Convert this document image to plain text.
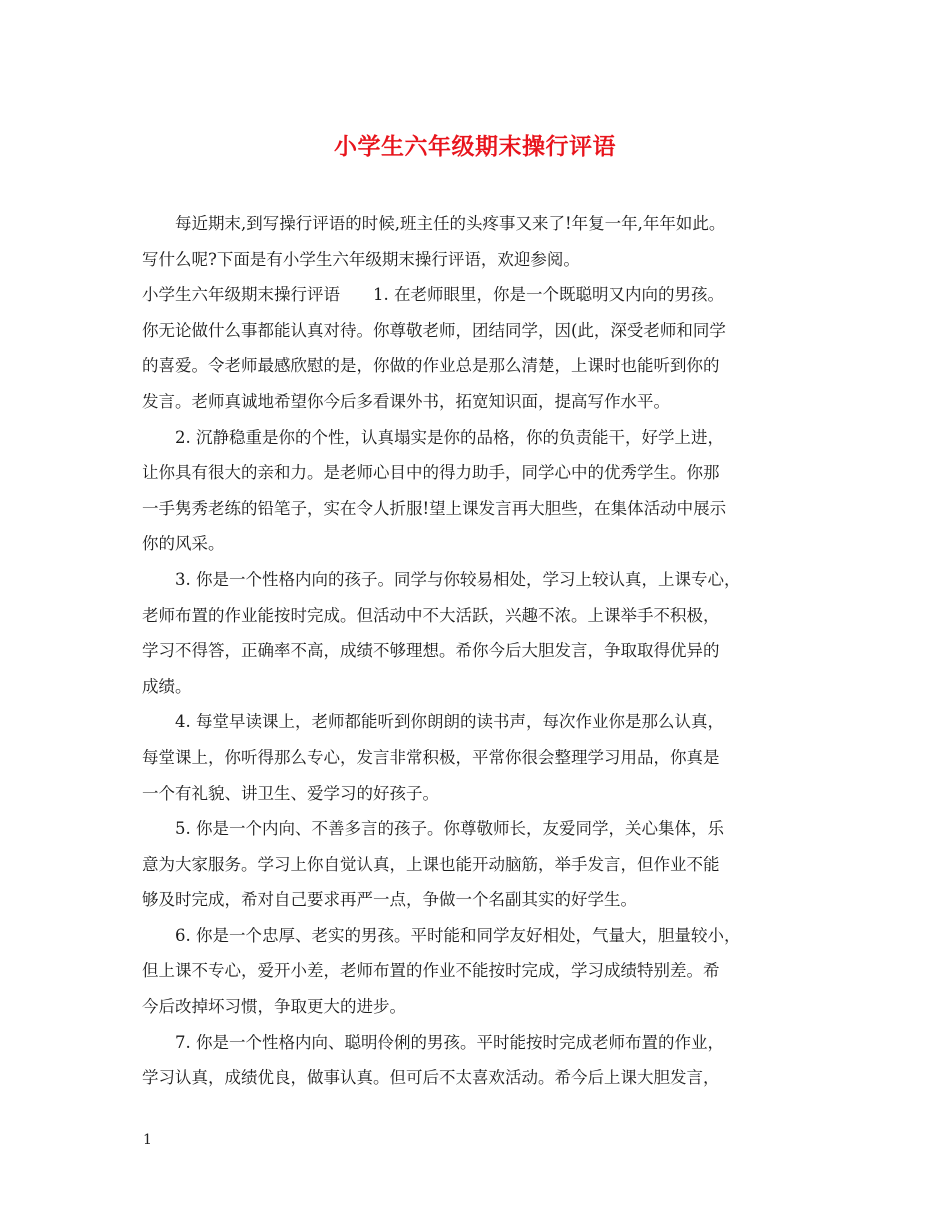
小学生六年级期末操行评语
每近期末,到写操行评语的时候,班主任的头疼事又来了!年复一年,年年如此。
写什么呢?下面是有小学生六年级期末操行评语，欢迎参阅。
小学生六年级期末操行评语　　1. 在老师眼里，你是一个既聪明又内向的男孩。
你无论做什么事都能认真对待。你尊敬老师，团结同学，因(此，深受老师和同学
的喜爱。令老师最感欣慰的是，你做的作业总是那么清楚，上课时也能听到你的
发言。老师真诚地希望你今后多看课外书，拓宽知识面，提高写作水平。
2. 沉静稳重是你的个性，认真塌实是你的品格，你的负责能干，好学上进，
让你具有很大的亲和力。是老师心目中的得力助手，同学心中的优秀学生。你那
一手隽秀老练的铅笔子，实在令人折服!望上课发言再大胆些，在集体活动中展示
你的风采。
3. 你是一个性格内向的孩子。同学与你较易相处，学习上较认真，上课专心，
老师布置的作业能按时完成。但活动中不大活跃，兴趣不浓。上课举手不积极，
学习不得答，正确率不高，成绩不够理想。希你今后大胆发言，争取取得优异的
成绩。
4. 每堂早读课上，老师都能听到你朗朗的读书声，每次作业你是那么认真，
每堂课上，你听得那么专心，发言非常积极，平常你很会整理学习用品，你真是
一个有礼貌、讲卫生、爱学习的好孩子。
5. 你是一个内向、不善多言的孩子。你尊敬师长，友爱同学，关心集体，乐
意为大家服务。学习上你自觉认真，上课也能开动脑筋，举手发言，但作业不能
够及时完成，希对自己要求再严一点，争做一个名副其实的好学生。
6. 你是一个忠厚、老实的男孩。平时能和同学友好相处，气量大，胆量较小，
但上课不专心，爱开小差，老师布置的作业不能按时完成，学习成绩特别差。希
今后改掉坏习惯，争取更大的进步。
7. 你是一个性格内向、聪明伶俐的男孩。平时能按时完成老师布置的作业，
学习认真，成绩优良，做事认真。但可后不太喜欢活动。希今后上课大胆发言，
1
